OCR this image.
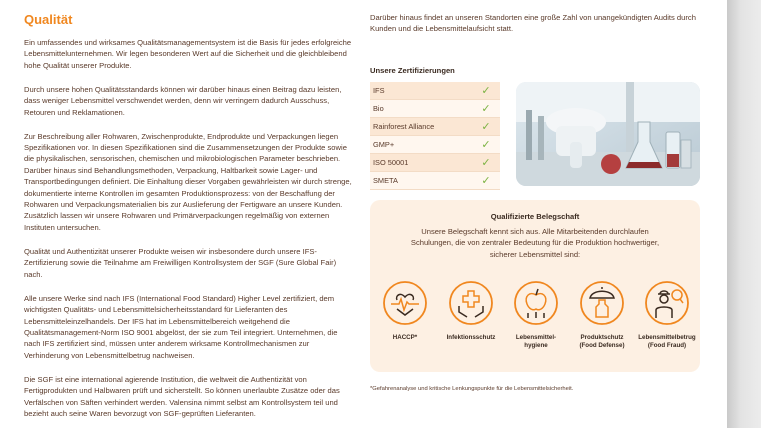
Qualität

Ein umfassendes und wirksames Qualitätsmanagementsystem ist die Basis für jedes erfolgreiche Lebensmittelunternehmen. Wir legen besonderen Wert auf die Sicherheit und die gleichbleibend hohe Qualität unserer Produkte.

Durch unsere hohen Qualitätsstandards können wir darüber hinaus einen Beitrag dazu leisten, dass weniger Lebensmittel verschwendet werden, denn wir verringern dadurch Ausschuss, Retouren und Reklamationen.

Zur Beschreibung aller Rohwaren, Zwischenprodukte, Endprodukte und Verpackungen liegen Spezifikationen vor. In diesen Spezifikationen sind die Zusammensetzungen der Produkte sowie die physikalischen, sensorischen, chemischen und mikrobiologischen Parameter beschrieben. Darüber hinaus sind Behandlungsmethoden, Verpackung, Haltbarkeit sowie Lager- und Transportbedingungen definiert. Die Einhaltung dieser Vorgaben gewährleisten wir durch strenge, dokumentierte interne Kontrollen im gesamten Produktionsprozess: von der Beschaffung der Rohwaren und Verpackungsmaterialien bis zur Auslieferung der Fertigware an unsere Kunden. Zusätzlich lassen wir unsere Rohwaren und Primärverpackungen regelmäßig von externen Instituten untersuchen.

Qualität und Authentizität unserer Produkte weisen wir insbesondere durch unsere IFS-Zertifizierung sowie die Teilnahme am Freiwilligen Kontrollsystem der SGF (Sure Global Fair) nach.

Alle unsere Werke sind nach IFS (International Food Standard) Higher Level zertifiziert, dem wichtigsten Qualitäts- und Lebensmittelsicherheitsstandard für Lieferanten des Lebensmitteleinzelhandels. Der IFS hat im Lebensmittelbereich weitgehend die Qualitätsmanagement-Norm ISO 9001 abgelöst, der sie zum Teil integriert. Unternehmen, die nach IFS zertifiziert sind, müssen unter anderem wirksame Kontrollmechanismen zur Verhinderung von Lebensmittelbetrug nachweisen.

Die SGF ist eine international agierende Institution, die weltweit die Authentizität von Fertigprodukten und Halbwaren prüft und sicherstellt. So können unerlaubte Zusätze oder das Verfälschen von Säften verhindert werden. Valensina nimmt selbst am Kontrollsystem teil und bezieht auch seine Waren bevorzugt von SGF-geprüften Lieferanten.

Darüber hinaus findet an unseren Standorten eine große Zahl von unangekündigten Audits durch Kunden und die Lebensmittelaufsicht statt.

Unsere Zertifizierungen
IFS	✓
Bio	✓
Rainforest Alliance	✓
GMP+	✓
ISO 50001	✓
SMETA	✓
Qualifizierte Belegschaft
Unsere Belegschaft kennt sich aus. Alle Mitarbeitenden durchlaufen Schulungen, die von zentraler Bedeutung für die Produktion hochwertiger, sicherer Lebensmittel sind:
HACCP*	Infektionsschutz	Lebensmittel-
hygiene
Produktschutz
(Food Defense)
Lebensmittelbetrug
(Food Fraud)
*Gefahrenanalyse und kritische Lenkungspunkte für die Lebensmittelsicherheit.
